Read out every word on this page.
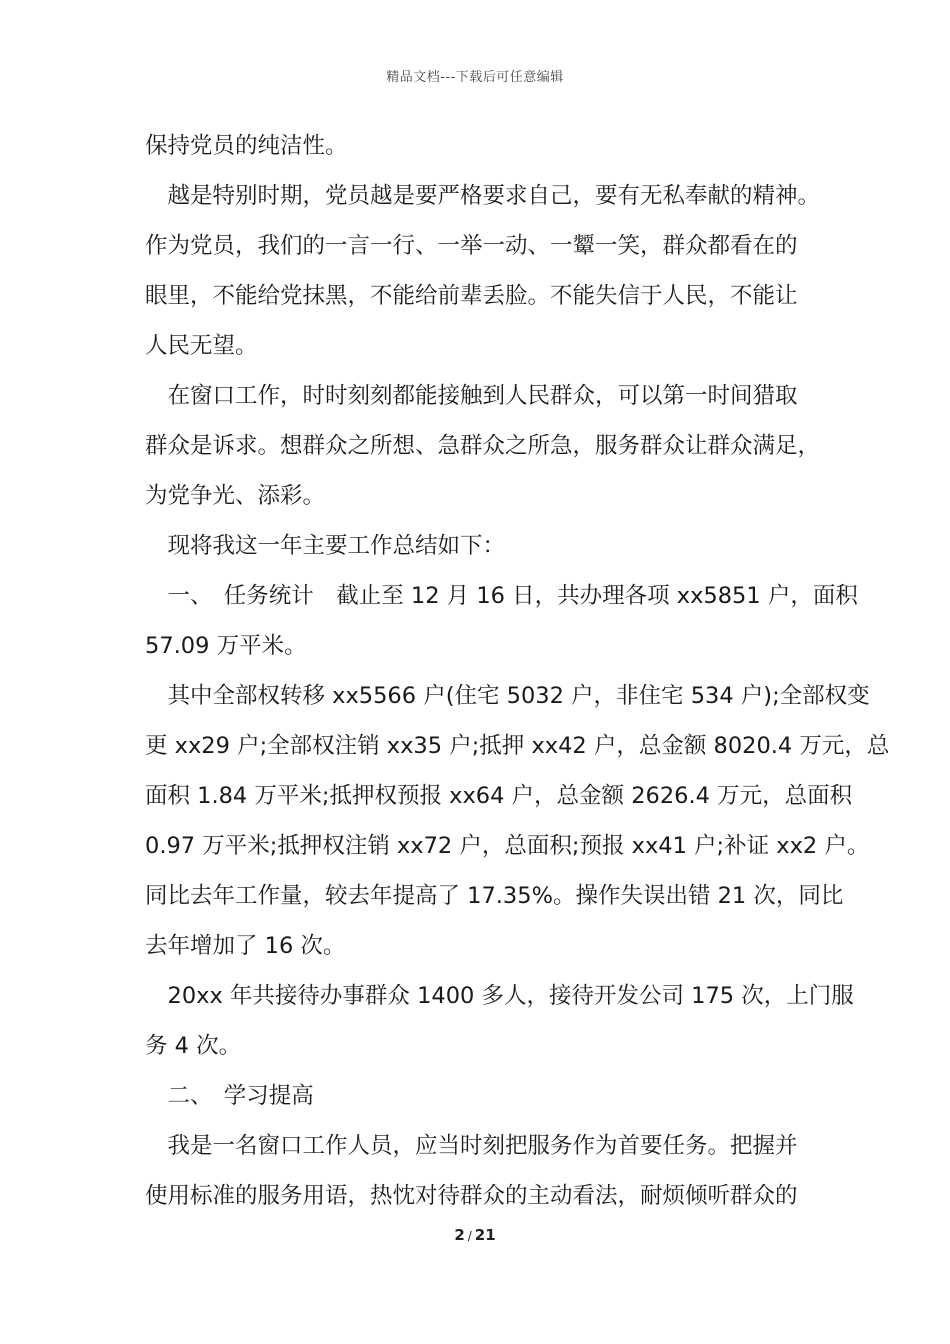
精品文档---下载后可任意编辑
保持党员的纯洁性。
　越是特别时期，党员越是要严格要求自己，要有无私奉献的精神。
作为党员，我们的一言一行、一举一动、一颦一笑，群众都看在的
眼里，不能给党抹黑，不能给前辈丢脸。不能失信于人民，不能让
人民无望。
　在窗口工作，时时刻刻都能接触到人民群众，可以第一时间猎取
群众是诉求。想群众之所想、急群众之所急，服务群众让群众满足，
为党争光、添彩。
　现将我这一年主要工作总结如下：
　一、　任务统计　截止至 12 月 16 日，共办理各项 xx5851 户，面积
57.09 万平米。
　其中全部权转移 xx5566 户(住宅 5032 户，非住宅 534 户);全部权变
更 xx29 户;全部权注销 xx35 户;抵押 xx42 户，总金额 8020.4 万元，总
面积 1.84 万平米;抵押权预报 xx64 户，总金额 2626.4 万元，总面积
0.97 万平米;抵押权注销 xx72 户，总面积;预报 xx41 户;补证 xx2 户。
同比去年工作量，较去年提高了 17.35%。操作失误出错 21 次，同比
去年增加了 16 次。
　20xx 年共接待办事群众 1400 多人，接待开发公司 175 次，上门服
务 4 次。
　二、　学习提高
　我是一名窗口工作人员，应当时刻把服务作为首要任务。把握并
使用标准的服务用语，热忱对待群众的主动看法，耐烦倾听群众的
2 / 21
